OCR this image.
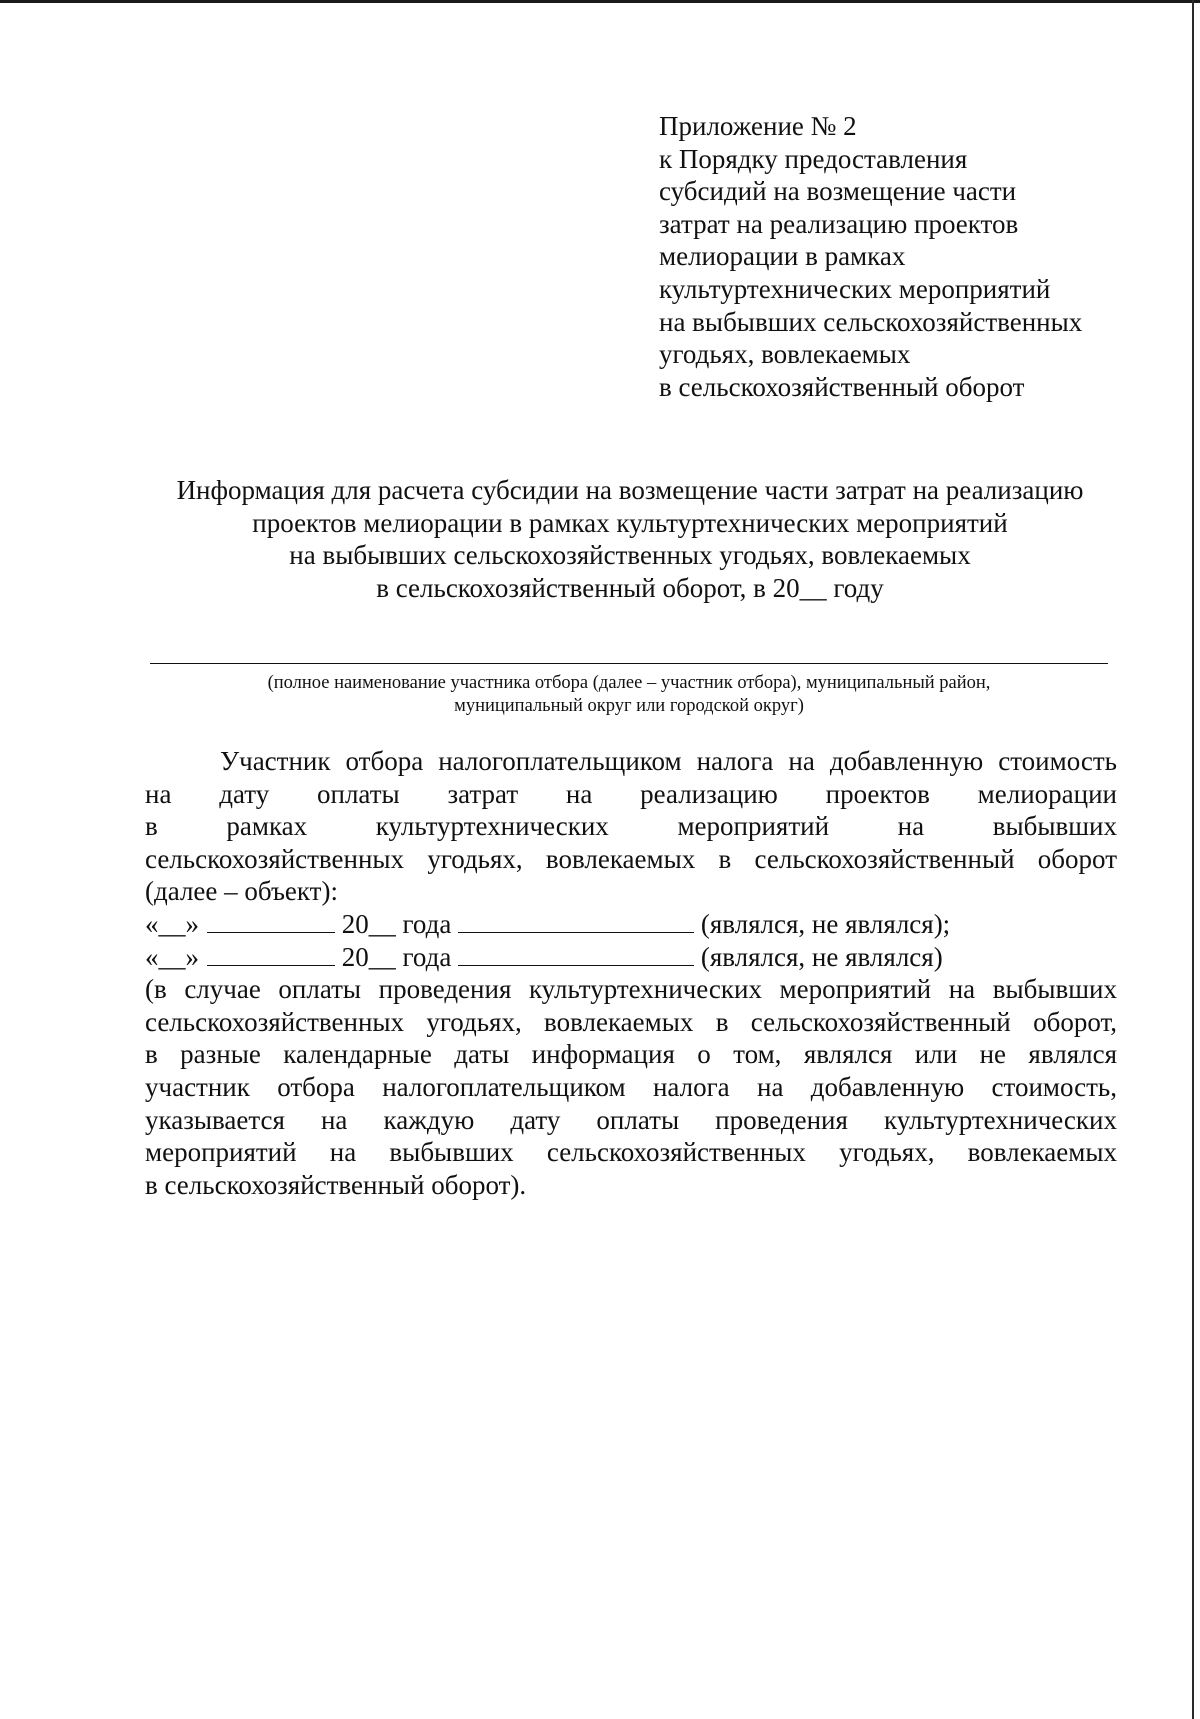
Приложение № 2
к Порядку предоставления
субсидий на возмещение части
затрат на реализацию проектов
мелиорации в рамках
культуртехнических мероприятий
на выбывших сельскохозяйственных
угодьях, вовлекаемых
в сельскохозяйственный оборот
Информация для расчета субсидии на возмещение части затрат на реализацию
проектов мелиорации в рамках культуртехнических мероприятий
на выбывших сельскохозяйственных угодьях, вовлекаемых
в сельскохозяйственный оборот, в 20__ году
(полное наименование участника отбора (далее – участник отбора), муниципальный район,
муниципальный округ или городской округ)
Участник отбора налогоплательщиком налога на добавленную стоимость
на дату оплаты затрат на реализацию проектов мелиорации
в рамках культуртехнических мероприятий на выбывших
сельскохозяйственных угодьях, вовлекаемых в сельскохозяйственный оборот
(далее – объект):
«__»	20__ года	(являлся, не являлся);
«__»	20__ года	(являлся, не являлся)
(в случае оплаты проведения культуртехнических мероприятий на выбывших
сельскохозяйственных угодьях, вовлекаемых в сельскохозяйственный оборот,
в разные календарные даты информация о том, являлся или не являлся
участник отбора налогоплательщиком налога на добавленную стоимость,
указывается на каждую дату оплаты проведения культуртехнических
мероприятий на выбывших сельскохозяйственных угодьях, вовлекаемых
в сельскохозяйственный оборот).
